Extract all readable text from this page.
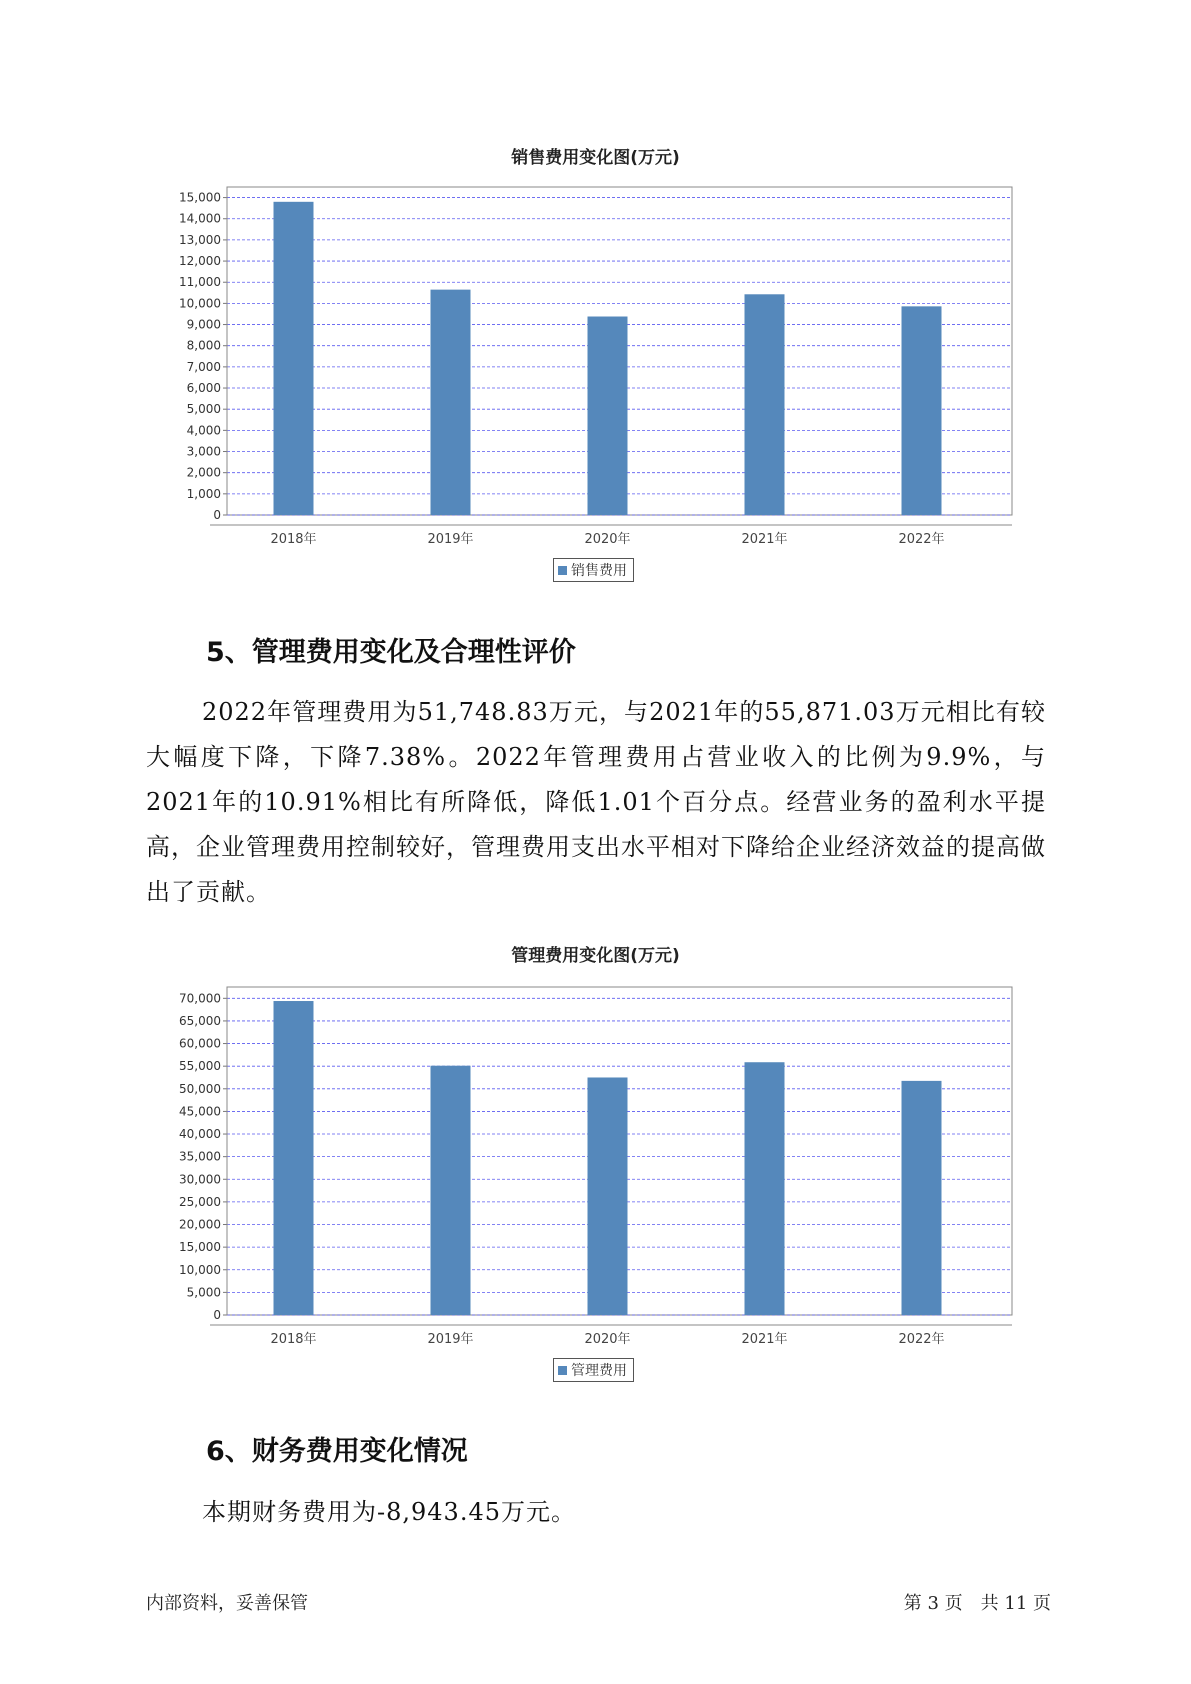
销售费用变化图(万元)
0
1,000
2,000
3,000
4,000
5,000
6,000
7,000
8,000
9,000
10,000
11,000
12,000
13,000
14,000
15,000
2018年	2019年	2020年	2021年	2022年
销售费用
5、管理费用变化及合理性评价

2022年管理费用为51,748.83万元，与2021年的55,871.03万元相比有较大幅度下降，下降7.38%。2022年管理费用占营业收入的比例为9.9%，与2021年的10.91%相比有所降低，降低1.01个百分点。经营业务的盈利水平提高，企业管理费用控制较好，管理费用支出水平相对下降给企业经济效益的提高做出了贡献。

管理费用变化图(万元)
0
5,000
10,000
15,000
20,000
25,000
30,000
35,000
40,000
45,000
50,000
55,000
60,000
65,000
70,000
2018年	2019年	2020年	2021年	2022年
管理费用
6、财务费用变化情况

本期财务费用为-8,943.45万元。

内部资料，妥善保管	第 3 页　共 11 页
